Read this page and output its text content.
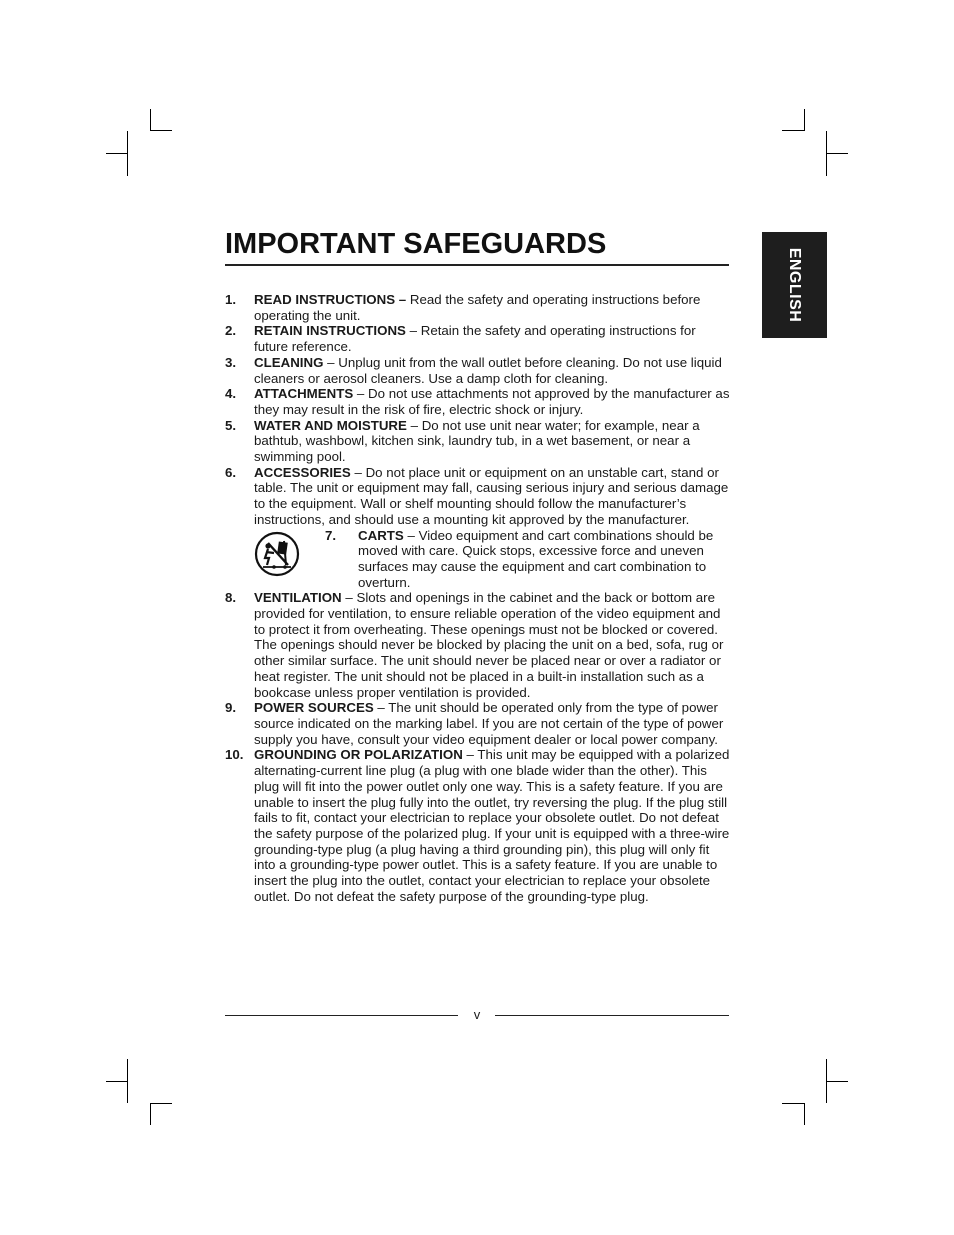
IMPORTANT SAFEGUARDS
ENGLISH
1. READ INSTRUCTIONS – Read the safety and operating instructions before operating the unit.
2. RETAIN INSTRUCTIONS – Retain the safety and operating instructions for future reference.
3. CLEANING – Unplug unit from the wall outlet before cleaning. Do not use liquid cleaners or aerosol cleaners. Use a damp cloth for cleaning.
4. ATTACHMENTS – Do not use attachments not approved by the manufacturer as they may result in the risk of fire, electric shock or injury.
5. WATER AND MOISTURE – Do not use unit near water; for example, near a bathtub, washbowl, kitchen sink, laundry tub, in a wet basement, or near a swimming pool.
6. ACCESSORIES – Do not place unit or equipment on an unstable cart, stand or table. The unit or equipment may fall, causing serious injury and serious damage to the equipment. Wall or shelf mounting should follow the manufacturer’s instructions, and should use a mounting kit approved by the manufacturer.
7. CARTS – Video equipment and cart combinations should be moved with care. Quick stops, excessive force and uneven surfaces may cause the equipment and cart combination to overturn.
8. VENTILATION – Slots and openings in the cabinet and the back or bottom are provided for ventilation, to ensure reliable operation of the video equipment and to protect it from overheating. These openings must not be blocked or covered. The openings should never be blocked by placing the unit on a bed, sofa, rug or other similar surface. The unit should never be placed near or over a radiator or heat register. The unit should not be placed in a built-in installation such as a bookcase unless proper ventilation is provided.
9. POWER SOURCES – The unit should be operated only from the type of power source indicated on the marking label. If you are not certain of the type of power supply you have, consult your video equipment dealer or local power company.
10. GROUNDING OR POLARIZATION – This unit may be equipped with a polarized alternating-current line plug (a plug with one blade wider than the other). This plug will fit into the power outlet only one way. This is a safety feature. If you are unable to insert the plug fully into the outlet, try reversing the plug. If the plug still fails to fit, contact your electrician to replace your obsolete outlet. Do not defeat the safety purpose of the polarized plug. If your unit is equipped with a three-wire grounding-type plug (a plug having a third grounding pin), this plug will only fit into a grounding-type power outlet. This is a safety feature. If you are unable to insert the plug into the outlet, contact your electrician to replace your obsolete outlet. Do not defeat the safety purpose of the grounding-type plug.
v
